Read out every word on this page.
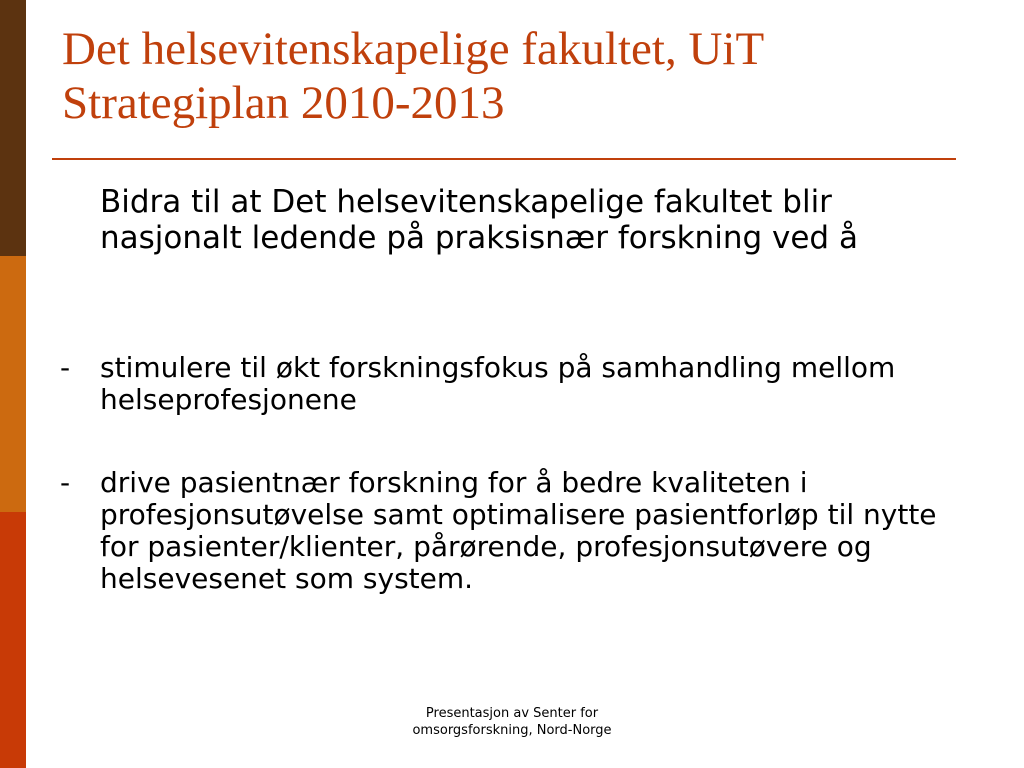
Det helsevitenskapelige fakultet, UiT
Strategiplan 2010-2013
Bidra til at Det helsevitenskapelige fakultet blir nasjonalt ledende på praksisnær forskning ved å
-	stimulere til økt forskningsfokus på samhandling mellom helseprofesjonene
-	drive pasientnær forskning for å bedre kvaliteten i profesjonsutøvelse samt optimalisere pasientforløp til nytte for pasienter/klienter, pårørende, profesjonsutøvere og helsevesenet som system.
Presentasjon av Senter for
omsorgsforskning, Nord-Norge
